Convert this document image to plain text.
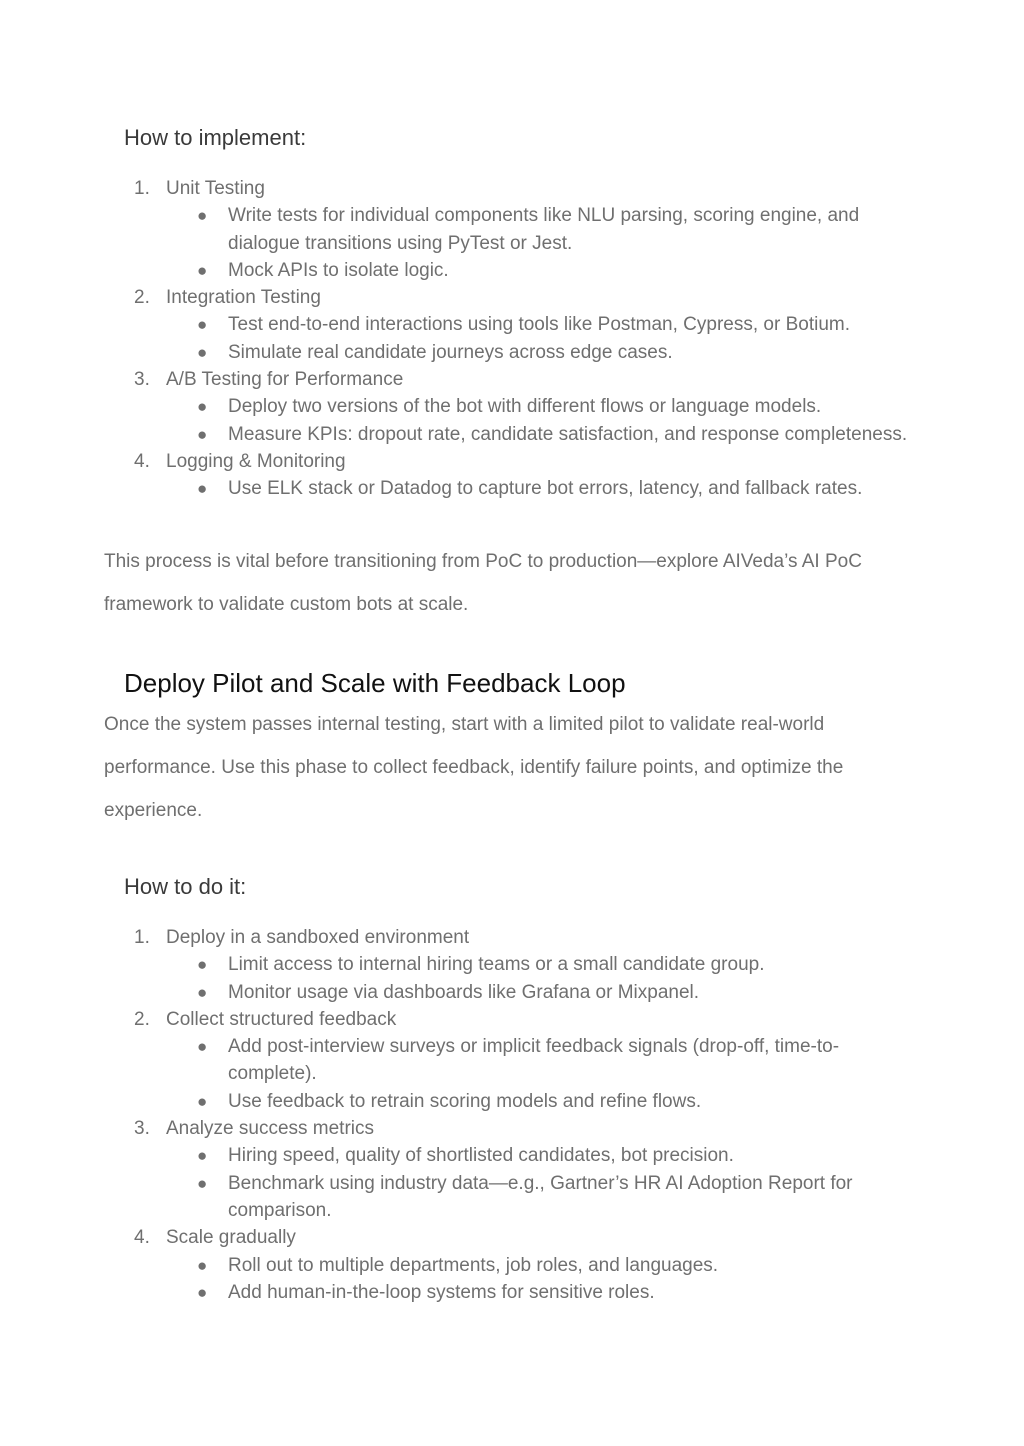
How to implement:
1. Unit Testing
● Write tests for individual components like NLU parsing, scoring engine, and dialogue transitions using PyTest or Jest.
● Mock APIs to isolate logic.
2. Integration Testing
● Test end-to-end interactions using tools like Postman, Cypress, or Botium.
● Simulate real candidate journeys across edge cases.
3. A/B Testing for Performance
● Deploy two versions of the bot with different flows or language models.
● Measure KPIs: dropout rate, candidate satisfaction, and response completeness.
4. Logging & Monitoring
● Use ELK stack or Datadog to capture bot errors, latency, and fallback rates.

This process is vital before transitioning from PoC to production—explore AIVeda’s AI PoC framework to validate custom bots at scale.

Deploy Pilot and Scale with Feedback Loop

Once the system passes internal testing, start with a limited pilot to validate real-world performance. Use this phase to collect feedback, identify failure points, and optimize the experience.

How to do it:
1. Deploy in a sandboxed environment
● Limit access to internal hiring teams or a small candidate group.
● Monitor usage via dashboards like Grafana or Mixpanel.
2. Collect structured feedback
● Add post-interview surveys or implicit feedback signals (drop-off, time-to-complete).
● Use feedback to retrain scoring models and refine flows.
3. Analyze success metrics
● Hiring speed, quality of shortlisted candidates, bot precision.
● Benchmark using industry data—e.g., Gartner’s HR AI Adoption Report for comparison.
4. Scale gradually
● Roll out to multiple departments, job roles, and languages.
● Add human-in-the-loop systems for sensitive roles.
